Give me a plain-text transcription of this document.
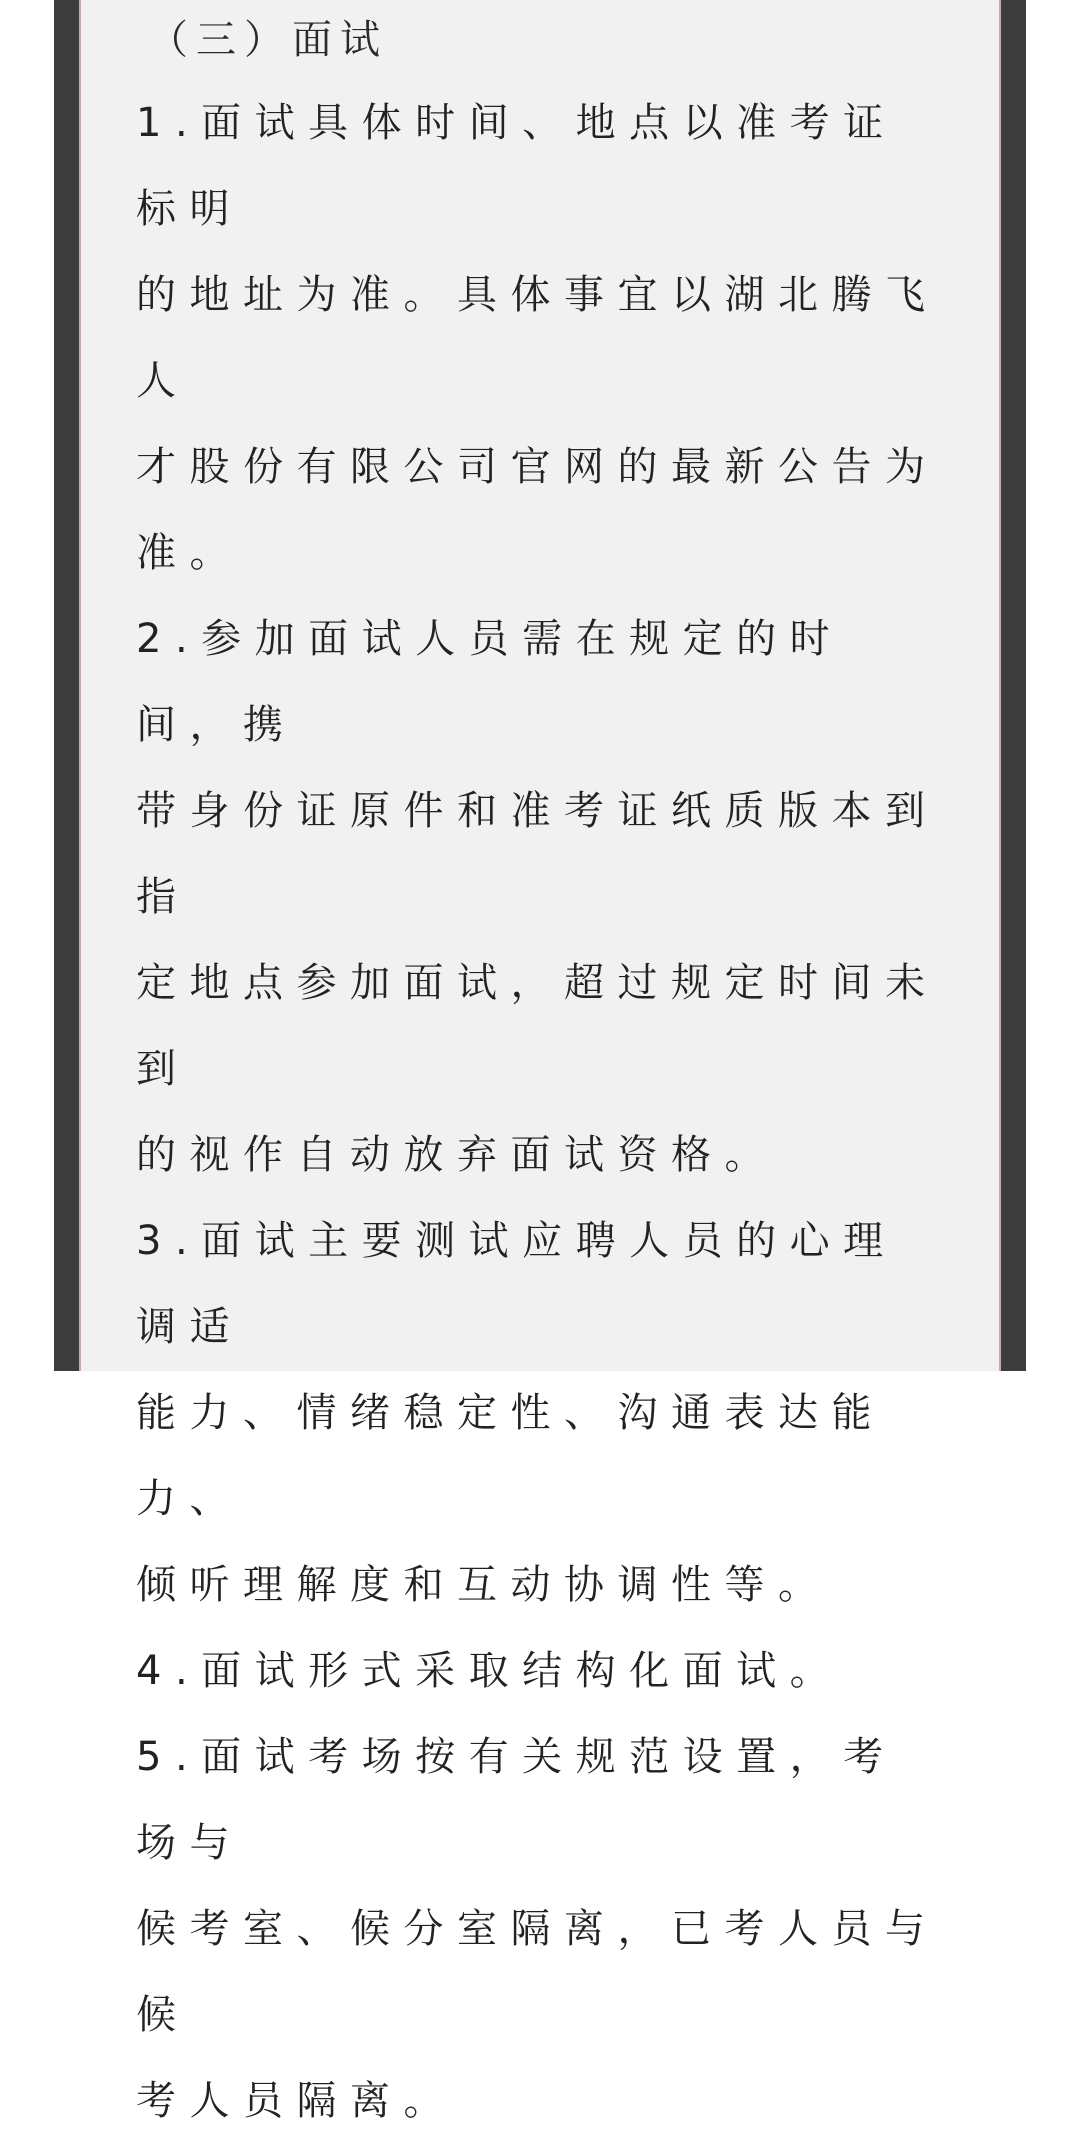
（三）面试
1.面试具体时间、地点以准考证标明
的地址为准。具体事宜以湖北腾飞人
才股份有限公司官网的最新公告为
准。
2.参加面试人员需在规定的时间，携
带身份证原件和准考证纸质版本到指
定地点参加面试，超过规定时间未到
的视作自动放弃面试资格。
3.面试主要测试应聘人员的心理调适
能力、情绪稳定性、沟通表达能力、
倾听理解度和互动协调性等。
4.面试形式采取结构化面试。
5.面试考场按有关规范设置，考场与
候考室、候分室隔离，已考人员与候
考人员隔离。
